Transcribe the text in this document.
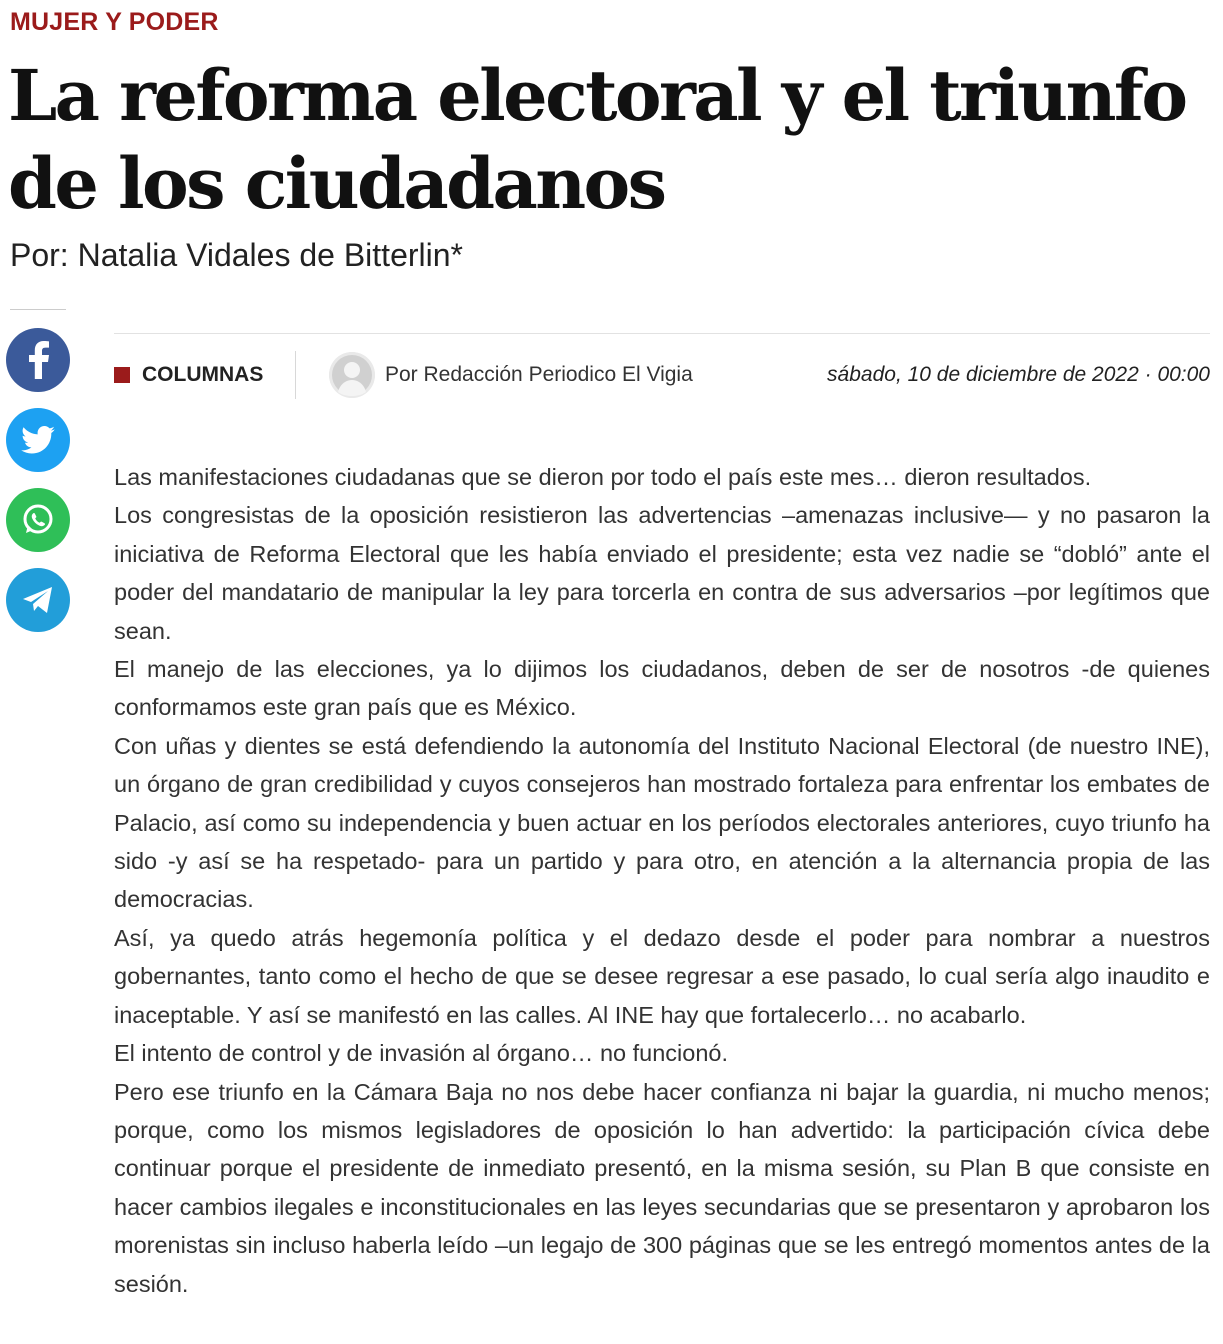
MUJER Y PODER
La reforma electoral y el triunfo de los ciudadanos
Por: Natalia Vidales de Bitterlin*
COLUMNAS	Por Redacción Periodico El Vigia	sábado, 10 de diciembre de 2022 · 00:00

Las manifestaciones ciudadanas que se dieron por todo el país este mes… dieron resultados.

Los congresistas de la oposición resistieron las advertencias –amenazas inclusive— y no pasaron la iniciativa de Reforma Electoral que les había enviado el presidente; esta vez nadie se “dobló” ante el poder del mandatario de manipular la ley para torcerla en contra de sus adversarios –por legítimos que sean.

El manejo de las elecciones, ya lo dijimos los ciudadanos, deben de ser de nosotros -de quienes conformamos este gran país que es México.

Con uñas y dientes se está defendiendo la autonomía del Instituto Nacional Electoral (de nuestro INE), un órgano de gran credibilidad y cuyos consejeros han mostrado fortaleza para enfrentar los embates de Palacio, así como su independencia y buen actuar en los períodos electorales anteriores, cuyo triunfo ha sido -y así se ha respetado- para un partido y para otro, en atención a la alternancia propia de las democracias.

Así, ya quedo atrás hegemonía política y el dedazo desde el poder para nombrar a nuestros gobernantes, tanto como el hecho de que se desee regresar a ese pasado, lo cual sería algo inaudito e inaceptable. Y así se manifestó en las calles. Al INE hay que fortalecerlo… no acabarlo.

El intento de control y de invasión al órgano… no funcionó.

Pero ese triunfo en la Cámara Baja no nos debe hacer confianza ni bajar la guardia, ni mucho menos; porque, como los mismos legisladores de oposición lo han advertido: la participación cívica debe continuar porque el presidente de inmediato presentó, en la misma sesión, su Plan B que consiste en hacer cambios ilegales e inconstitucionales en las leyes secundarias que se presentaron y aprobaron los morenistas sin incluso haberla leído –un legajo de 300 páginas que se les entregó momentos antes de la sesión.
